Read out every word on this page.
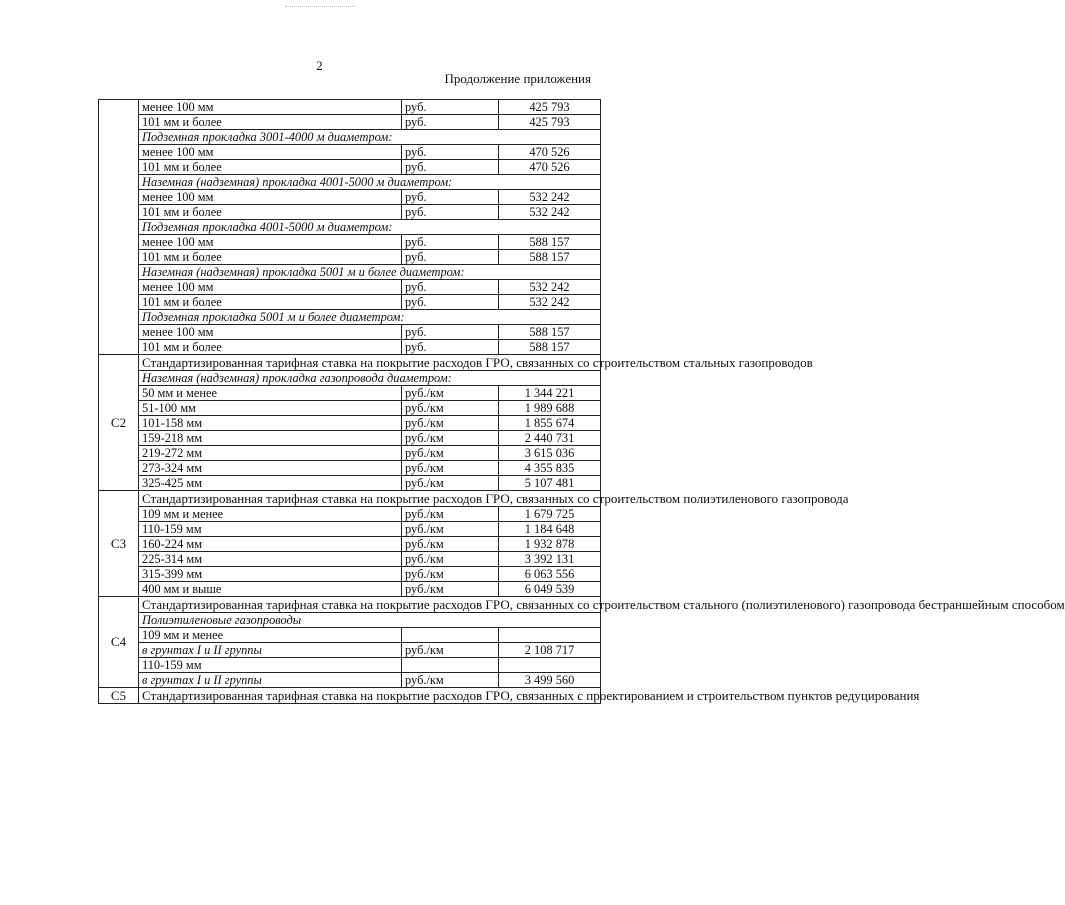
2
Продолжение приложения
	менее 100 мм	руб.	425 793
	101 мм и более	руб.	425 793
	Подземная прокладка 3001-4000 м диаметром:		
	менее 100 мм	руб.	470 526
	101 мм и более	руб.	470 526
	Наземная (надземная) прокладка 4001-5000 м диаметром:		
	менее 100 мм	руб.	532 242
	101 мм и более	руб.	532 242
	Подземная прокладка 4001-5000 м диаметром:		
	менее 100 мм	руб.	588 157
	101 мм и более	руб.	588 157
	Наземная (надземная) прокладка 5001 м и более диаметром:		
	менее 100 мм	руб.	532 242
	101 мм и более	руб.	532 242
	Подземная прокладка 5001 м и более диаметром:		
	менее 100 мм	руб.	588 157
	101 мм и более	руб.	588 157
С2	Стандартизированная тарифная ставка на покрытие расходов ГРО, связанных со строительством стальных газопроводов		
	Наземная (надземная) прокладка газопровода диаметром:		
	50 мм и менее	руб./км	1 344 221
	51-100 мм	руб./км	1 989 688
	101-158 мм	руб./км	1 855 674
	159-218 мм	руб./км	2 440 731
	219-272 мм	руб./км	3 615 036
	273-324 мм	руб./км	4 355 835
	325-425 мм	руб./км	5 107 481
С3	Стандартизированная тарифная ставка на покрытие расходов ГРО, связанных со строительством полиэтиленового газопровода		
	109 мм и менее	руб./км	1 679 725
	110-159 мм	руб./км	1 184 648
	160-224 мм	руб./км	1 932 878
	225-314 мм	руб./км	3 392 131
	315-399 мм	руб./км	6 063 556
	400 мм и выше	руб./км	6 049 539
С4	Стандартизированная тарифная ставка на покрытие расходов ГРО, связанных со строительством стального (полиэтиленового) газопровода бестраншейным способом		
	Полиэтиленовые газопроводы		
	109 мм и менее		
	в грунтах I и II группы	руб./км	2 108 717
	110-159 мм		
	в грунтах I и II группы	руб./км	3 499 560
С5	Стандартизированная тарифная ставка на покрытие расходов ГРО, связанных с проектированием и строительством пунктов редуцирования		
